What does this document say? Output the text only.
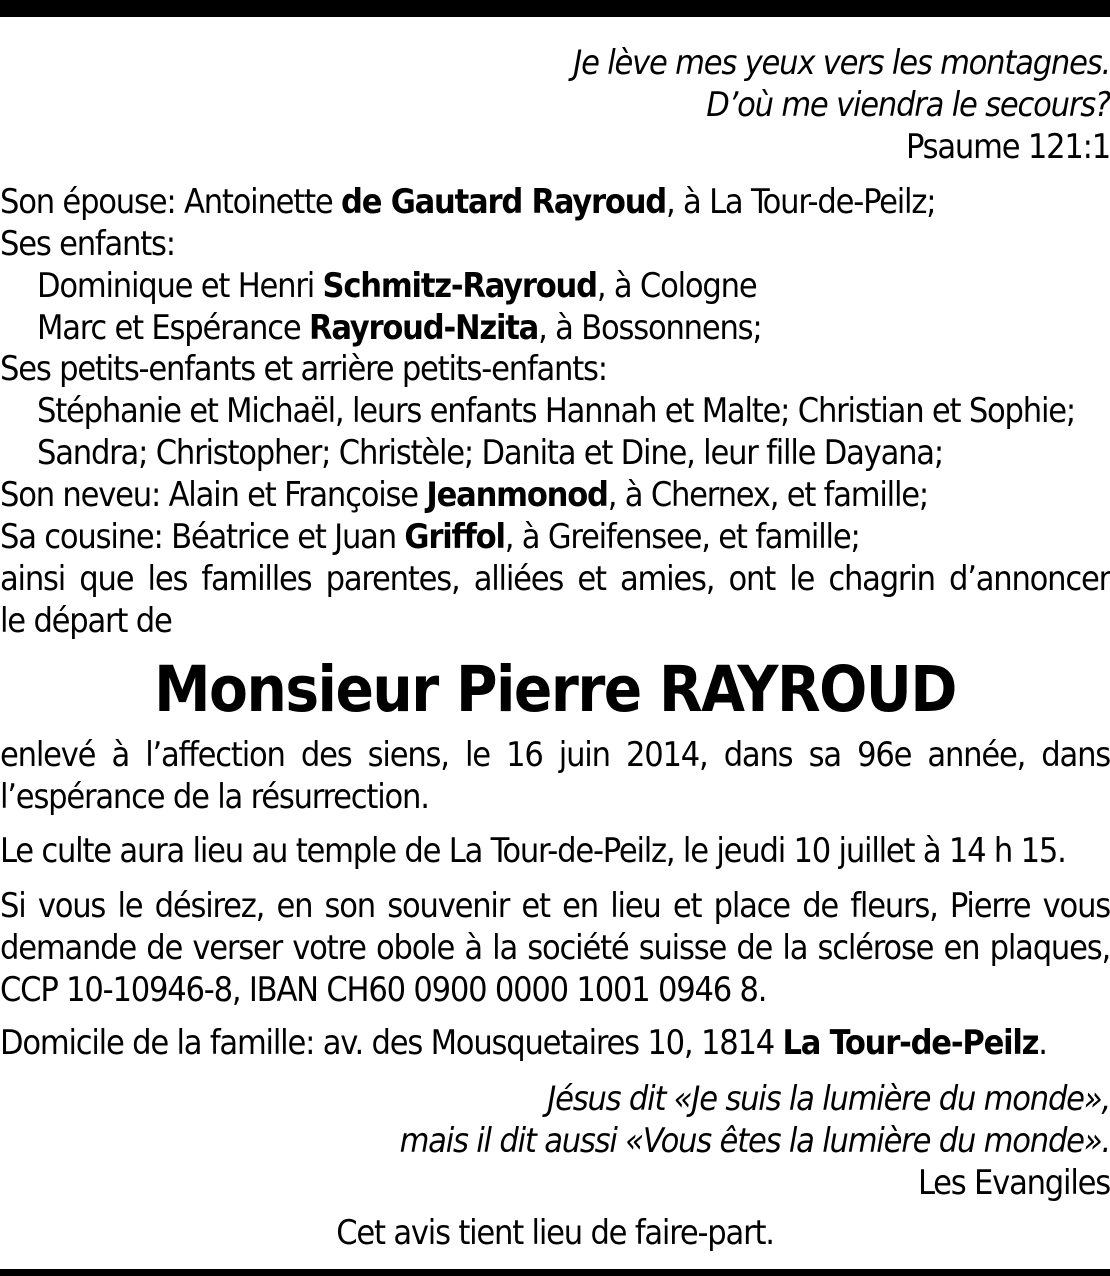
Je lève mes yeux vers les montagnes.
D’où me viendra le secours?
Psaume 121:1
Son épouse: Antoinette de Gautard Rayroud, à La Tour-de-Peilz;
Ses enfants:
Dominique et Henri Schmitz-Rayroud, à Cologne
Marc et Espérance Rayroud-Nzita, à Bossonnens;
Ses petits-enfants et arrière petits-enfants:
Stéphanie et Michaël, leurs enfants Hannah et Malte; Christian et Sophie;
Sandra; Christopher; Christèle; Danita et Dine, leur fille Dayana;
Son neveu: Alain et Françoise Jeanmonod, à Chernex, et famille;
Sa cousine: Béatrice et Juan Griffol, à Greifensee, et famille;
ainsi que les familles parentes, alliées et amies, ont le chagrin d’annoncer
le départ de
Monsieur Pierre RAYROUD
enlevé à l’affection des siens, le 16 juin 2014, dans sa 96e année, dans
l’espérance de la résurrection.
Le culte aura lieu au temple de La Tour-de-Peilz, le jeudi 10 juillet à 14 h 15.
Si vous le désirez, en son souvenir et en lieu et place de fleurs, Pierre vous
demande de verser votre obole à la société suisse de la sclérose en plaques,
CCP 10-10946-8, IBAN CH60 0900 0000 1001 0946 8.
Domicile de la famille: av. des Mousquetaires 10, 1814 La Tour-de-Peilz.
Jésus dit «Je suis la lumière du monde»,
mais il dit aussi «Vous êtes la lumière du monde».
Les Evangiles
Cet avis tient lieu de faire-part.
